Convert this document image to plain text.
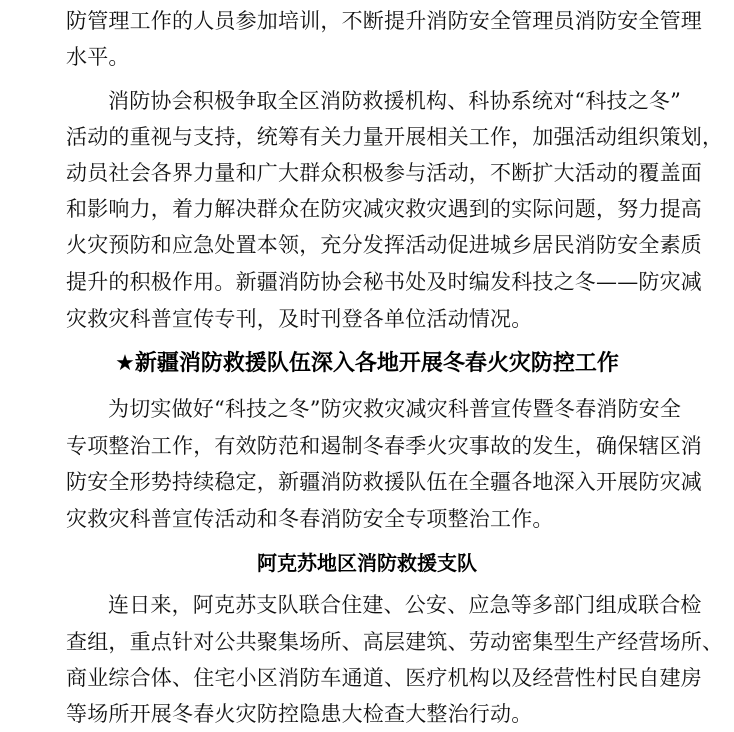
防管理工作的人员参加培训，不断提升消防安全管理员消防安全管理
水平。
消防协会积极争取全区消防救援机构、科协系统对“科技之冬”
活动的重视与支持，统筹有关力量开展相关工作，加强活动组织策划，
动员社会各界力量和广大群众积极参与活动，不断扩大活动的覆盖面
和影响力，着力解决群众在防灾减灾救灾遇到的实际问题，努力提高
火灾预防和应急处置本领，充分发挥活动促进城乡居民消防安全素质
提升的积极作用。新疆消防协会秘书处及时编发科技之冬——防灾减
灾救灾科普宣传专刊，及时刊登各单位活动情况。
★新疆消防救援队伍深入各地开展冬春火灾防控工作
为切实做好“科技之冬”防灾救灾减灾科普宣传暨冬春消防安全
专项整治工作，有效防范和遏制冬春季火灾事故的发生，确保辖区消
防安全形势持续稳定，新疆消防救援队伍在全疆各地深入开展防灾减
灾救灾科普宣传活动和冬春消防安全专项整治工作。
阿克苏地区消防救援支队
连日来，阿克苏支队联合住建、公安、应急等多部门组成联合检
查组，重点针对公共聚集场所、高层建筑、劳动密集型生产经营场所、
商业综合体、住宅小区消防车通道、医疗机构以及经营性村民自建房
等场所开展冬春火灾防控隐患大检查大整治行动。
